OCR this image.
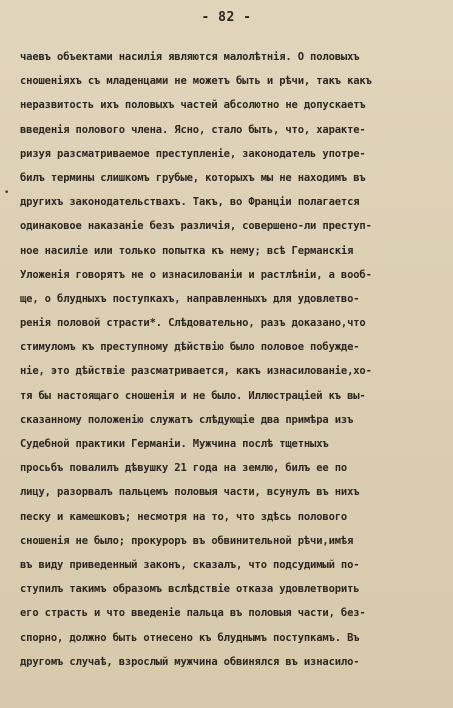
- 82 -
•
чаевъ объектами насилія являются малолѣтнія. О половыхъ
сношеніяхъ съ младенцами не можетъ быть и рѣчи, такъ какъ
неразвитость ихъ половыхъ частей абсолютно не допускаетъ
введенія полового члена. Ясно, стало быть, что, характе-
ризуя разсматриваемое преступленіе, законодатель употре-
билъ термины слишкомъ грубые, которыхъ мы не находимъ въ
другихъ законодательствахъ. Такъ, во Франціи полагается
одинаковое наказаніе безъ различія, совершено-ли преступ-
ное насиліе или только попытка къ нему; всѣ Германскія
Уложенія говорятъ не о изнасилованіи и растлѣніи, а вооб-
ще, о блудныхъ поступкахъ, направленныхъ для удовлетво-
ренія половой страсти*. Слѣдовательно, разъ доказано,что
стимуломъ къ преступному дѣйствію было половое побужде-
ніе, это дѣйствіе разсматривается, какъ изнасилованіе,хо-
тя бы настоящаго сношенія и не было. Иллюстраціей къ вы-
сказанному положенію служатъ слѣдующіе два примѣра изъ
Судебной практики Германіи. Мужчина послѣ тщетныхъ
просьбъ повалилъ дѣвушку 21 года на землю, билъ ее по
лицу, разорвалъ пальцемъ половыя части, всунулъ въ нихъ
песку и камешковъ; несмотря на то, что здѣсь полового
сношенія не было; прокуроръ въ обвинительной рѣчи,имѣя
въ виду приведенный законъ, сказалъ, что подсудимый по-
ступилъ такимъ образомъ вслѣдствіе отказа удовлетворить
его страсть и что введеніе пальца въ половыя части, без-
спорно, должно быть отнесено къ блуднымъ поступкамъ. Въ
другомъ случаѣ, взрослый мужчина обвинялся въ изнасило-
